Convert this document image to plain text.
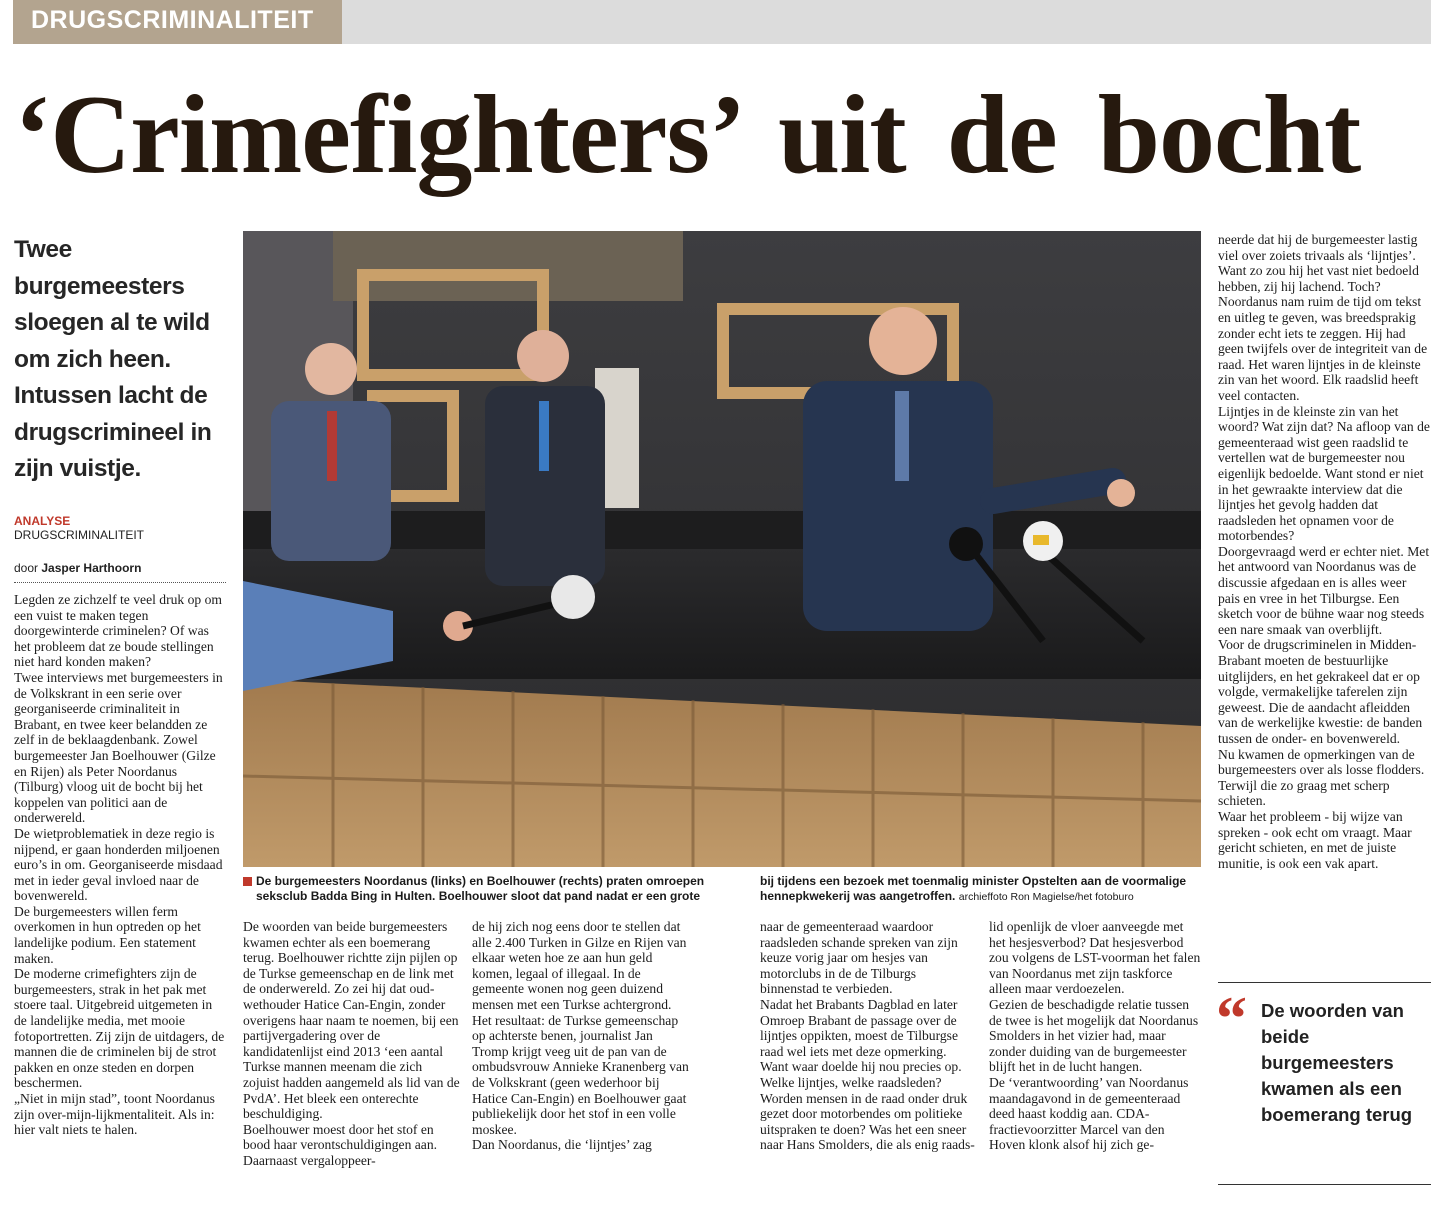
DRUGSCRIMINALITEIT
‘Crimefighters’ uit de bocht
Twee burgemeesters sloegen al te wild om zich heen. Intussen lacht de drugscrimineel in zijn vuistje.
ANALYSE
DRUGSCRIMINALITEIT
door Jasper Harthoorn

Legden ze zichzelf te veel druk op om een vuist te maken tegen doorgewinterde criminelen? Of was het probleem dat ze boude stellingen niet hard konden maken?

Twee interviews met burgemeesters in de Volkskrant in een serie over georganiseerde criminaliteit in Brabant, en twee keer belandden ze zelf in de beklaagdenbank. Zowel burgemeester Jan Boelhouwer (Gilze en Rijen) als Peter Noordanus (Tilburg) vloog uit de bocht bij het koppelen van politici aan de onderwereld.

De wietproblematiek in deze regio is nijpend, er gaan honderden miljoenen euro’s in om. Georganiseerde misdaad met in ieder geval invloed naar de bovenwereld.

De burgemeesters willen ferm overkomen in hun optreden op het landelijke podium. Een statement maken.

De moderne crimefighters zijn de burgemeesters, strak in het pak met stoere taal. Uitgebreid uitgemeten in de landelijke media, met mooie fotoportretten. Zij zijn de uitdagers, de mannen die de criminelen bij de strot pakken en onze steden en dorpen beschermen.

„Niet in mijn stad”, toont Noordanus zijn over-mijn-lijkmentaliteit. Als in: hier valt niets te halen.

De burgemeesters Noordanus (links) en Boelhouwer (rechts) praten omroepen
seksclub Badda Bing in Hulten. Boelhouwer sloot dat pand nadat er een grote
bij tijdens een bezoek met toenmalig minister Opstelten aan de voormalige
hennepkwekerij was aangetroffen. archieffoto Ron Magielse/het fotoburo

De woorden van beide burgemeesters kwamen echter als een boemerang terug. Boelhouwer richtte zijn pijlen op de Turkse gemeenschap en de link met de onderwereld. Zo zei hij dat oud-wethouder Hatice Can-Engin, zonder overigens haar naam te noemen, bij een partijvergadering over de kandidatenlijst eind 2013 ‘een aantal Turkse mannen meenam die zich zojuist hadden aangemeld als lid van de PvdA’. Het bleek een onterechte beschuldiging.

Boelhouwer moest door het stof en bood haar verontschuldigingen aan. Daarnaast vergaloppeer-

de hij zich nog eens door te stellen dat alle 2.400 Turken in Gilze en Rijen van elkaar weten hoe ze aan hun geld komen, legaal of illegaal. In de gemeente wonen nog geen duizend mensen met een Turkse achtergrond.

Het resultaat: de Turkse gemeenschap op achterste benen, journalist Jan Tromp krijgt veeg uit de pan van de ombudsvrouw Annieke Kranenberg van de Volkskrant (geen wederhoor bij Hatice Can-Engin) en Boelhouwer gaat publiekelijk door het stof in een volle moskee.

Dan Noordanus, die ‘lijntjes’ zag

naar de gemeenteraad waardoor raadsleden schande spreken van zijn keuze vorig jaar om hesjes van motorclubs in de de Tilburgs binnenstad te verbieden.

Nadat het Brabants Dagblad en later Omroep Brabant de passage over de lijntjes oppikten, moest de Tilburgse raad wel iets met deze opmerking.

Want waar doelde hij nou precies op. Welke lijntjes, welke raadsleden? Worden mensen in de raad onder druk gezet door motorbendes om politieke uitspraken te doen? Was het een sneer naar Hans Smolders, die als enig raads-

lid openlijk de vloer aanveegde met het hesjesverbod? Dat hesjesverbod zou volgens de LST-voorman het falen van Noordanus met zijn taskforce alleen maar verdoezelen.

Gezien de beschadigde relatie tussen de twee is het mogelijk dat Noordanus Smolders in het vizier had, maar zonder duiding van de burgemeester blijft het in de lucht hangen.

De ‘verantwoording’ van Noordanus maandagavond in de gemeenteraad deed haast koddig aan. CDA-fractievoorzitter Marcel van den Hoven klonk alsof hij zich ge-

neerde dat hij de burgemeester lastig viel over zoiets trivaals als ‘lijntjes’. Want zo zou hij het vast niet bedoeld hebben, zij hij lachend. Toch?

Noordanus nam ruim de tijd om tekst en uitleg te geven, was breedsprakig zonder echt iets te zeggen. Hij had geen twijfels over de integriteit van de raad. Het waren lijntjes in de kleinste zin van het woord. Elk raadslid heeft veel contacten.

Lijntjes in de kleinste zin van het woord? Wat zijn dat? Na afloop van de gemeenteraad wist geen raadslid te vertellen wat de burgemeester nou eigenlijk bedoelde. Want stond er niet in het gewraakte interview dat die lijntjes het gevolg hadden dat raadsleden het opnamen voor de motorbendes?

Doorgevraagd werd er echter niet. Met het antwoord van Noordanus was de discussie afgedaan en is alles weer pais en vree in het Tilburgse. Een sketch voor de bühne waar nog steeds een nare smaak van overblijft.

Voor de drugscriminelen in Midden-Brabant moeten de bestuurlijke uitglijders, en het gekrakeel dat er op volgde, vermakelijke taferelen zijn geweest. Die de aandacht afleidden van de werkelijke kwestie: de banden tussen de onder- en bovenwereld.

Nu kwamen de opmerkingen van de burgemeesters over als losse flodders. Terwijl die zo graag met scherp schieten.

Waar het probleem - bij wijze van spreken - ook echt om vraagt. Maar gericht schieten, en met de juiste munitie, is ook een vak apart.

“ De woorden van beide burgemeesters kwamen als een boemerang terug
